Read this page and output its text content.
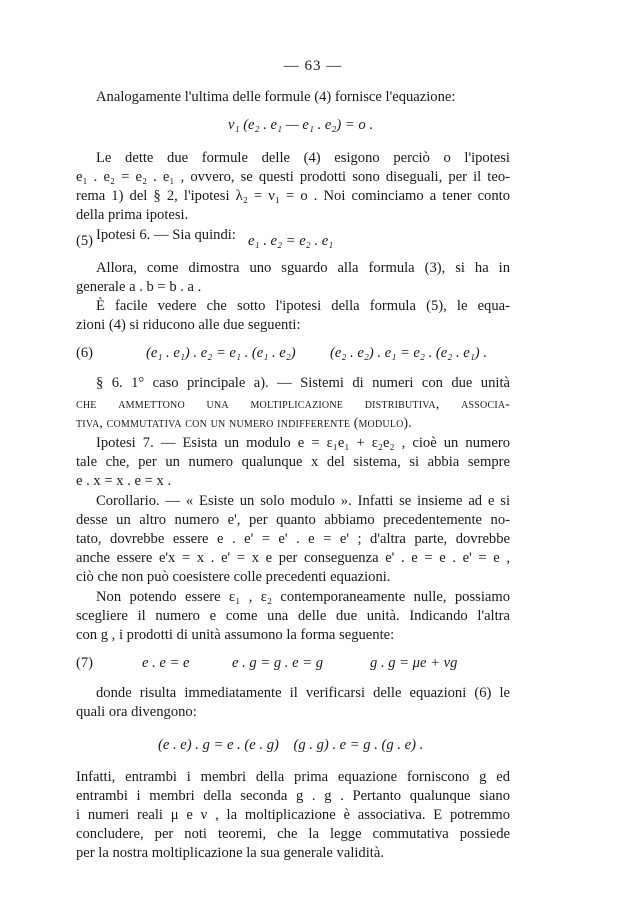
— 63 —
Analogamente l'ultima delle formule (4) fornisce l'equazione:
ν₁ (e₂ . e₁ — e₁ . e₂) = o .
Le dette due formule delle (4) esigono perciò o l'ipotesi
e₁ . e₂ = e₂ . e₁ , ovvero, se questi prodotti sono diseguali, per il teo-
rema 1) del § 2, l'ipotesi λ₂ = ν₁ = o . Noi cominciamo a tener conto
della prima ipotesi.
Ipotesi 6. — Sia quindi:
(5)	e₁ . e₂ = e₂ . e₁
Allora, come dimostra uno sguardo alla formula (3), si ha in
generale a . b = b . a .
È facile vedere che sotto l'ipotesi della formula (5), le equa-
zioni (4) si riducono alle due seguenti:
(6)	(e₁ . e₁) . e₂ = e₁ . (e₁ . e₂) (e₂ . e₂) . e₁ = e₂ . (e₂ . e₁) .
§ 6. 1° caso principale a). — Sistemi di numeri con due unità
che ammettono una moltiplicazione distributiva, associa-
tiva, commutativa con un numero indifferente (modulo).
Ipotesi 7. — Esista un modulo e = ε₁e₁ + ε₂e₂ , cioè un numero
tale che, per un numero qualunque x del sistema, si abbia sempre
e . x = x . e = x .
Corollario. — « Esiste un solo modulo ». Infatti se insieme ad e si
desse un altro numero e', per quanto abbiamo precedentemente no-
tato, dovrebbe essere e . e' = e' . e = e' ; d'altra parte, dovrebbe
anche essere e'x = x . e' = x e per conseguenza e' . e = e . e' = e ,
ciò che non può coesistere colle precedenti equazioni.
Non potendo essere ε₁ , ε₂ contemporaneamente nulle, possiamo
scegliere il numero e come una delle due unità. Indicando l'altra
con g , i prodotti di unità assumono la forma seguente:
(7)	e . e = e	e . g = g . e = g	g . g = μe + νg
donde risulta immediatamente il verificarsi delle equazioni (6) le
quali ora divengono:
(e . e) . g = e . (e . g)    (g . g) . e = g . (g . e) .
Infatti, entrambi i membri della prima equazione forniscono g ed
entrambi i membri della seconda g . g . Pertanto qualunque siano
i numeri reali μ e ν , la moltiplicazione è associativa. E potremmo
concludere, per noti teoremi, che la legge commutativa possiede
per la nostra moltiplicazione la sua generale validità.
